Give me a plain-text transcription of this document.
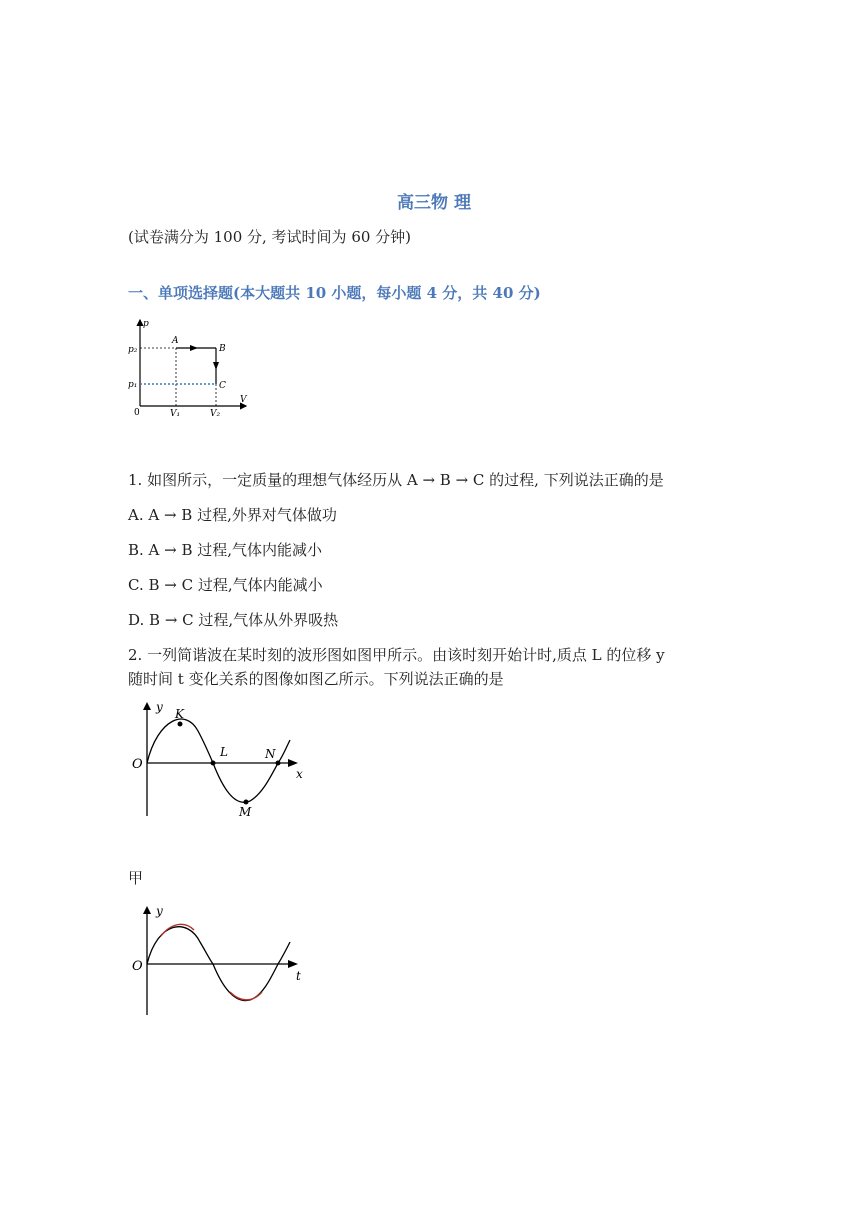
高三物 理
(试卷满分为 100 分, 考试时间为 60 分钟)
一、单项选择题(本大题共 10 小题，每小题 4 分，共 40 分)
p
V
0
p₂
p₁
V₁	V₂
A
B
C
1. 如图所示，一定质量的理想气体经历从 A → B → C 的过程, 下列说法正确的是
A. A → B 过程,外界对气体做功
B. A → B 过程,气体内能减小
C. B → C 过程,气体内能减小
D. B → C 过程,气体从外界吸热
2. 一列简谐波在某时刻的波形图如图甲所示。由该时刻开始计时,质点 L 的位移 y
随时间 t 变化关系的图像如图乙所示。下列说法正确的是
y
x
O
K
L
M
N
甲
y
t
O
